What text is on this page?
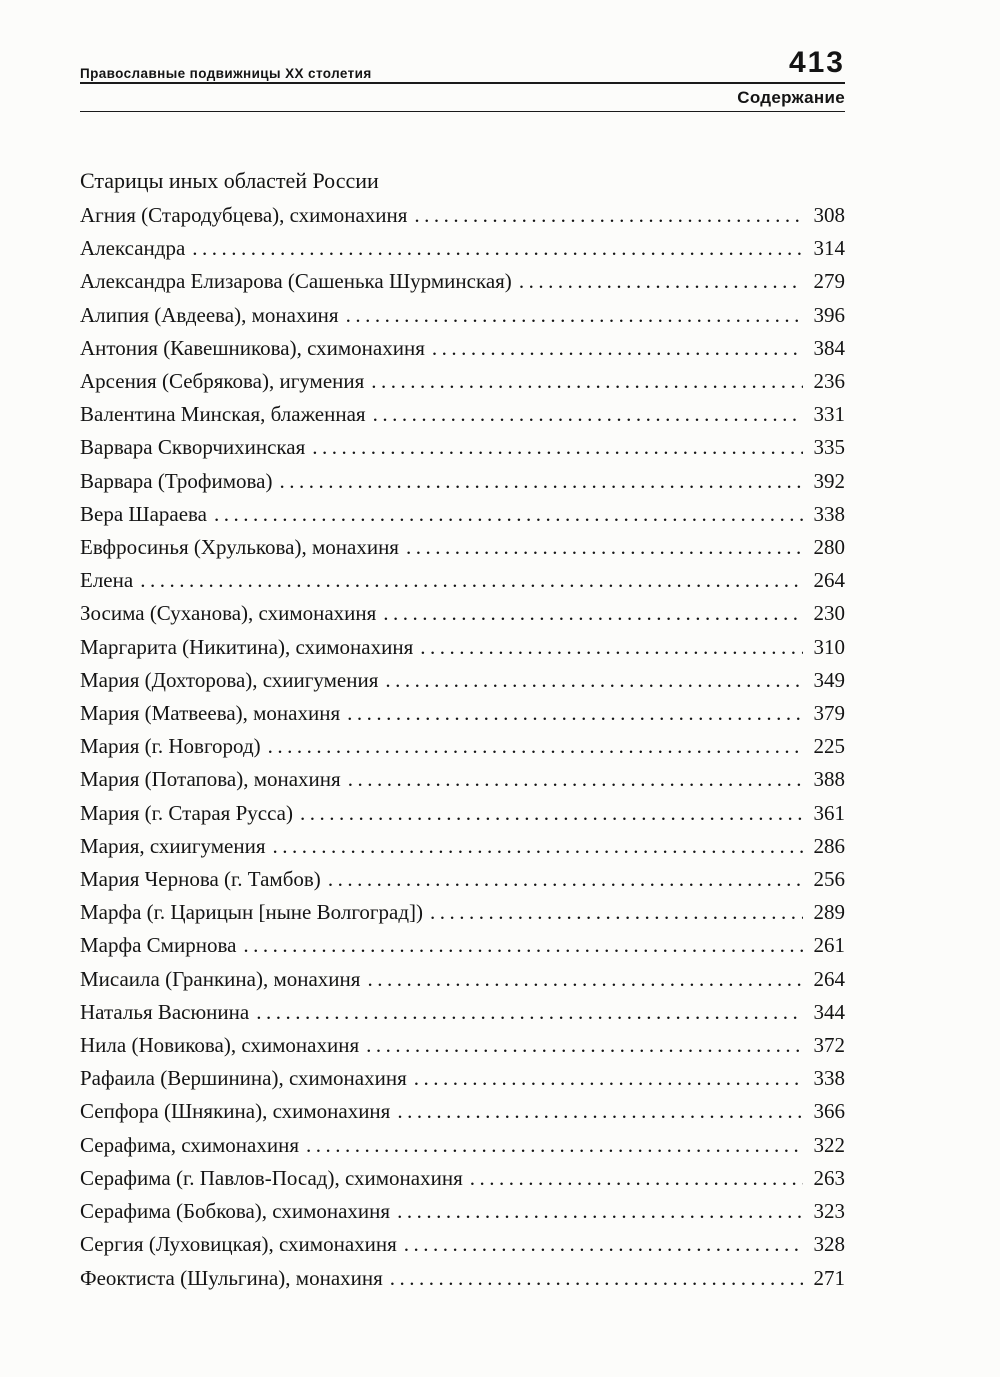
Православные подвижницы ХХ столетия	413
Содержание
Старицы иных областей России
Агния (Стародубцева), схимонахиня .....	308
Александра .....	314
Александра Елизарова (Сашенька Шурминская) .....	279
Алипия (Авдеева), монахиня .....	396
Антония (Кавешникова), схимонахиня .....	384
Арсения (Себрякова), игумения .....	236
Валентина Минская, блаженная .....	331
Варвара Скворчихинская .....	335
Варвара (Трофимова) .....	392
Вера Шараева .....	338
Евфросинья (Хрулькова), монахиня .....	280
Елена .....	264
Зосима (Суханова), схимонахиня .....	230
Маргарита (Никитина), схимонахиня .....	310
Мария (Дохторова), схиигумения .....	349
Мария (Матвеева), монахиня .....	379
Мария (г. Новгород) .....	225
Мария (Потапова), монахиня .....	388
Мария (г. Старая Русса) .....	361
Мария, схиигумения .....	286
Мария Чернова (г. Тамбов) .....	256
Марфа (г. Царицын [ныне Волгоград]) .....	289
Марфа Смирнова .....	261
Мисаила (Гранкина), монахиня .....	264
Наталья Васюнина .....	344
Нила (Новикова), схимонахиня .....	372
Рафаила (Вершинина), схимонахиня .....	338
Сепфора (Шнякина), схимонахиня .....	366
Серафима, схимонахиня .....	322
Серафима (г. Павлов-Посад), схимонахиня .....	263
Серафима (Бобкова), схимонахиня .....	323
Сергия (Луховицкая), схимонахиня .....	328
Феоктиста (Шульгина), монахиня .....	271
